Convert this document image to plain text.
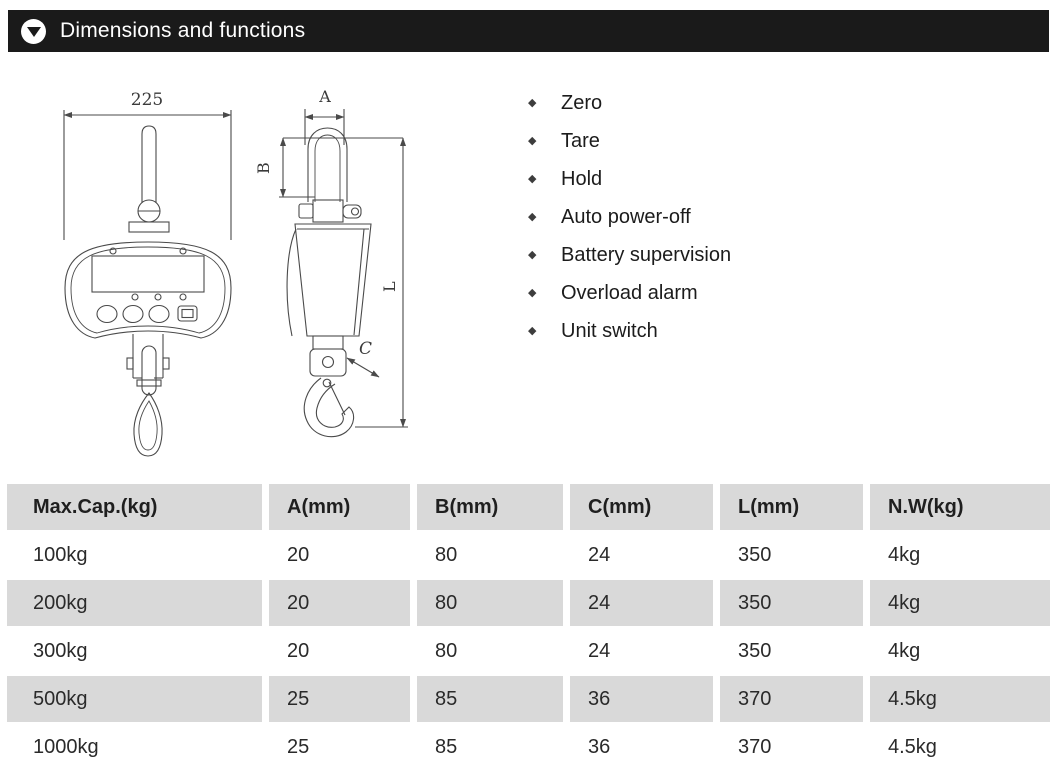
Dimensions and functions
225	A
B
L
C
◆ Zero
◆ Tare
◆ Hold
◆ Auto power-off
◆ Battery supervision
◆ Overload alarm
◆ Unit switch
Max.Cap.(kg)	A(mm)	B(mm)	C(mm)	L(mm)	N.W(kg)
100kg	20	80	24	350	4kg
200kg	20	80	24	350	4kg
300kg	20	80	24	350	4kg
500kg	25	85	36	370	4.5kg
1000kg	25	85	36	370	4.5kg
